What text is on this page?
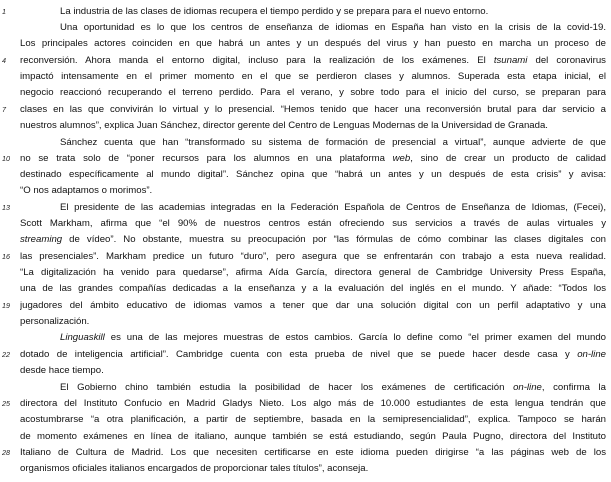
1
4
7
10
13
16
19
22
25
28
La industria de las clases de idiomas recupera el tiempo perdido y se prepara para el nuevo entorno.
Una oportunidad es lo que los centros de enseñanza de idiomas en España han visto en la crisis de la covid-19.
Los principales actores coinciden en que habrá un antes y un después del virus y han puesto en marcha un proceso de
reconversión. Ahora manda el entorno digital, incluso para la realización de los exámenes. El tsunami del coronavirus
impactó intensamente en el primer momento en el que se perdieron clases y alumnos. Superada esta etapa inicial, el
negocio reaccionó recuperando el terreno perdido. Para el verano, y sobre todo para el inicio del curso, se preparan para
clases en las que convivirán lo virtual y lo presencial. “Hemos tenido que hacer una reconversión brutal para dar servicio a
nuestros alumnos”, explica Juan Sánchez, director gerente del Centro de Lenguas Modernas de la Universidad de Granada.
Sánchez cuenta que han “transformado su sistema de formación de presencial a virtual”, aunque advierte de que
no se trata solo de “poner recursos para los alumnos en una plataforma web, sino de crear un producto de calidad
destinado específicamente al mundo digital”. Sánchez opina que “habrá un antes y un después de esta crisis” y avisa:
“O nos adaptamos o morimos”.
El presidente de las academias integradas en la Federación Española de Centros de Enseñanza de Idiomas, (Fecei),
Scott Markham, afirma que “el 90% de nuestros centros están ofreciendo sus servicios a través de aulas virtuales y
streaming de vídeo”. No obstante, muestra su preocupación por “las fórmulas de cómo combinar las clases digitales con
las presenciales”. Markham predice un futuro “duro”, pero asegura que se enfrentarán con trabajo a esta nueva realidad.
“La digitalización ha venido para quedarse”, afirma Aída García, directora general de Cambridge University Press España,
una de las grandes compañías dedicadas a la enseñanza y a la evaluación del inglés en el mundo. Y añade: “Todos los
jugadores del ámbito educativo de idiomas vamos a tener que dar una solución digital con un perfil adaptativo y una
personalización.
Linguaskill es una de las mejores muestras de estos cambios. García lo define como “el primer examen del mundo
dotado de inteligencia artificial”. Cambridge cuenta con esta prueba de nivel que se puede hacer desde casa y on-line
desde hace tiempo.
El Gobierno chino también estudia la posibilidad de hacer los exámenes de certificación on-line, confirma la
directora del Instituto Confucio en Madrid Gladys Nieto. Los algo más de 10.000 estudiantes de esta lengua tendrán que
acostumbrarse “a otra planificación, a partir de septiembre, basada en la semipresencialidad”, explica. Tampoco se harán
de momento exámenes en línea de italiano, aunque también se está estudiando, según Paula Pugno, directora del Instituto
Italiano de Cultura de Madrid. Los que necesiten certificarse en este idioma pueden dirigirse “a las páginas web de los
organismos oficiales italianos encargados de proporcionar tales títulos”, aconseja.
